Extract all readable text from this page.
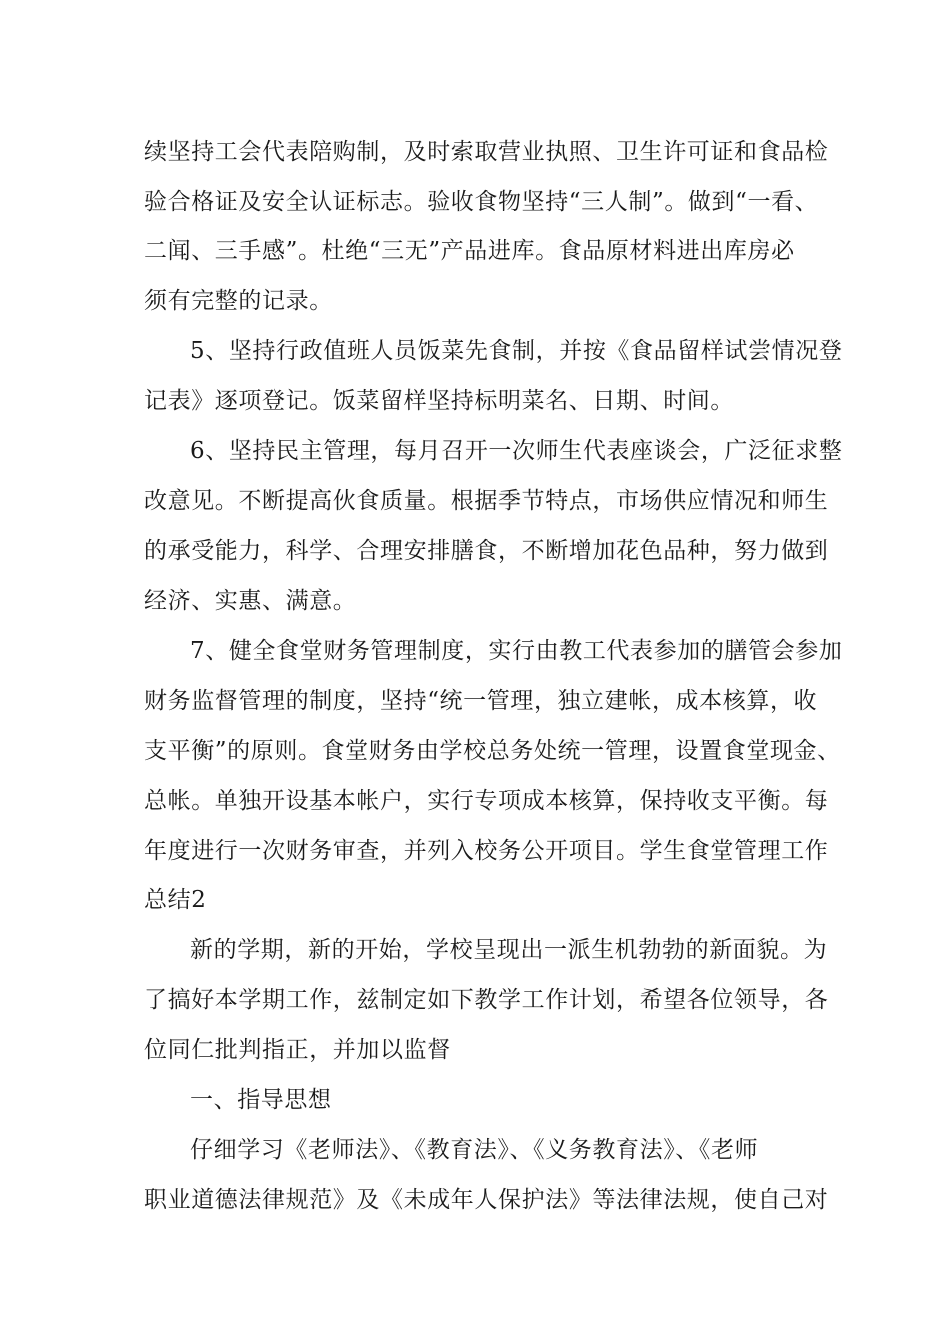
续坚持工会代表陪购制，及时索取营业执照、卫生许可证和食品检
验合格证及安全认证标志。验收食物坚持“三人制”。做到“一看、
二闻、三手感”。杜绝“三无”产品进库。食品原材料进出库房必
须有完整的记录。
5、坚持行政值班人员饭菜先食制，并按《食品留样试尝情况登
记表》逐项登记。饭菜留样坚持标明菜名、日期、时间。
6、坚持民主管理，每月召开一次师生代表座谈会，广泛征求整
改意见。不断提高伙食质量。根据季节特点，市场供应情况和师生
的承受能力，科学、合理安排膳食，不断增加花色品种，努力做到
经济、实惠、满意。
7、健全食堂财务管理制度，实行由教工代表参加的膳管会参加
财务监督管理的制度，坚持“统一管理，独立建帐，成本核算，收
支平衡”的原则。食堂财务由学校总务处统一管理，设置食堂现金、
总帐。单独开设基本帐户，实行专项成本核算，保持收支平衡。每
年度进行一次财务审查，并列入校务公开项目。学生食堂管理工作
总结2
新的学期，新的开始，学校呈现出一派生机勃勃的新面貌。为
了搞好本学期工作，兹制定如下教学工作计划，希望各位领导，各
位同仁批判指正，并加以监督
一、指导思想
仔细学习《老师法》、《教育法》、《义务教育法》、《老师
职业道德法律规范》及《未成年人保护法》等法律法规，使自己对
